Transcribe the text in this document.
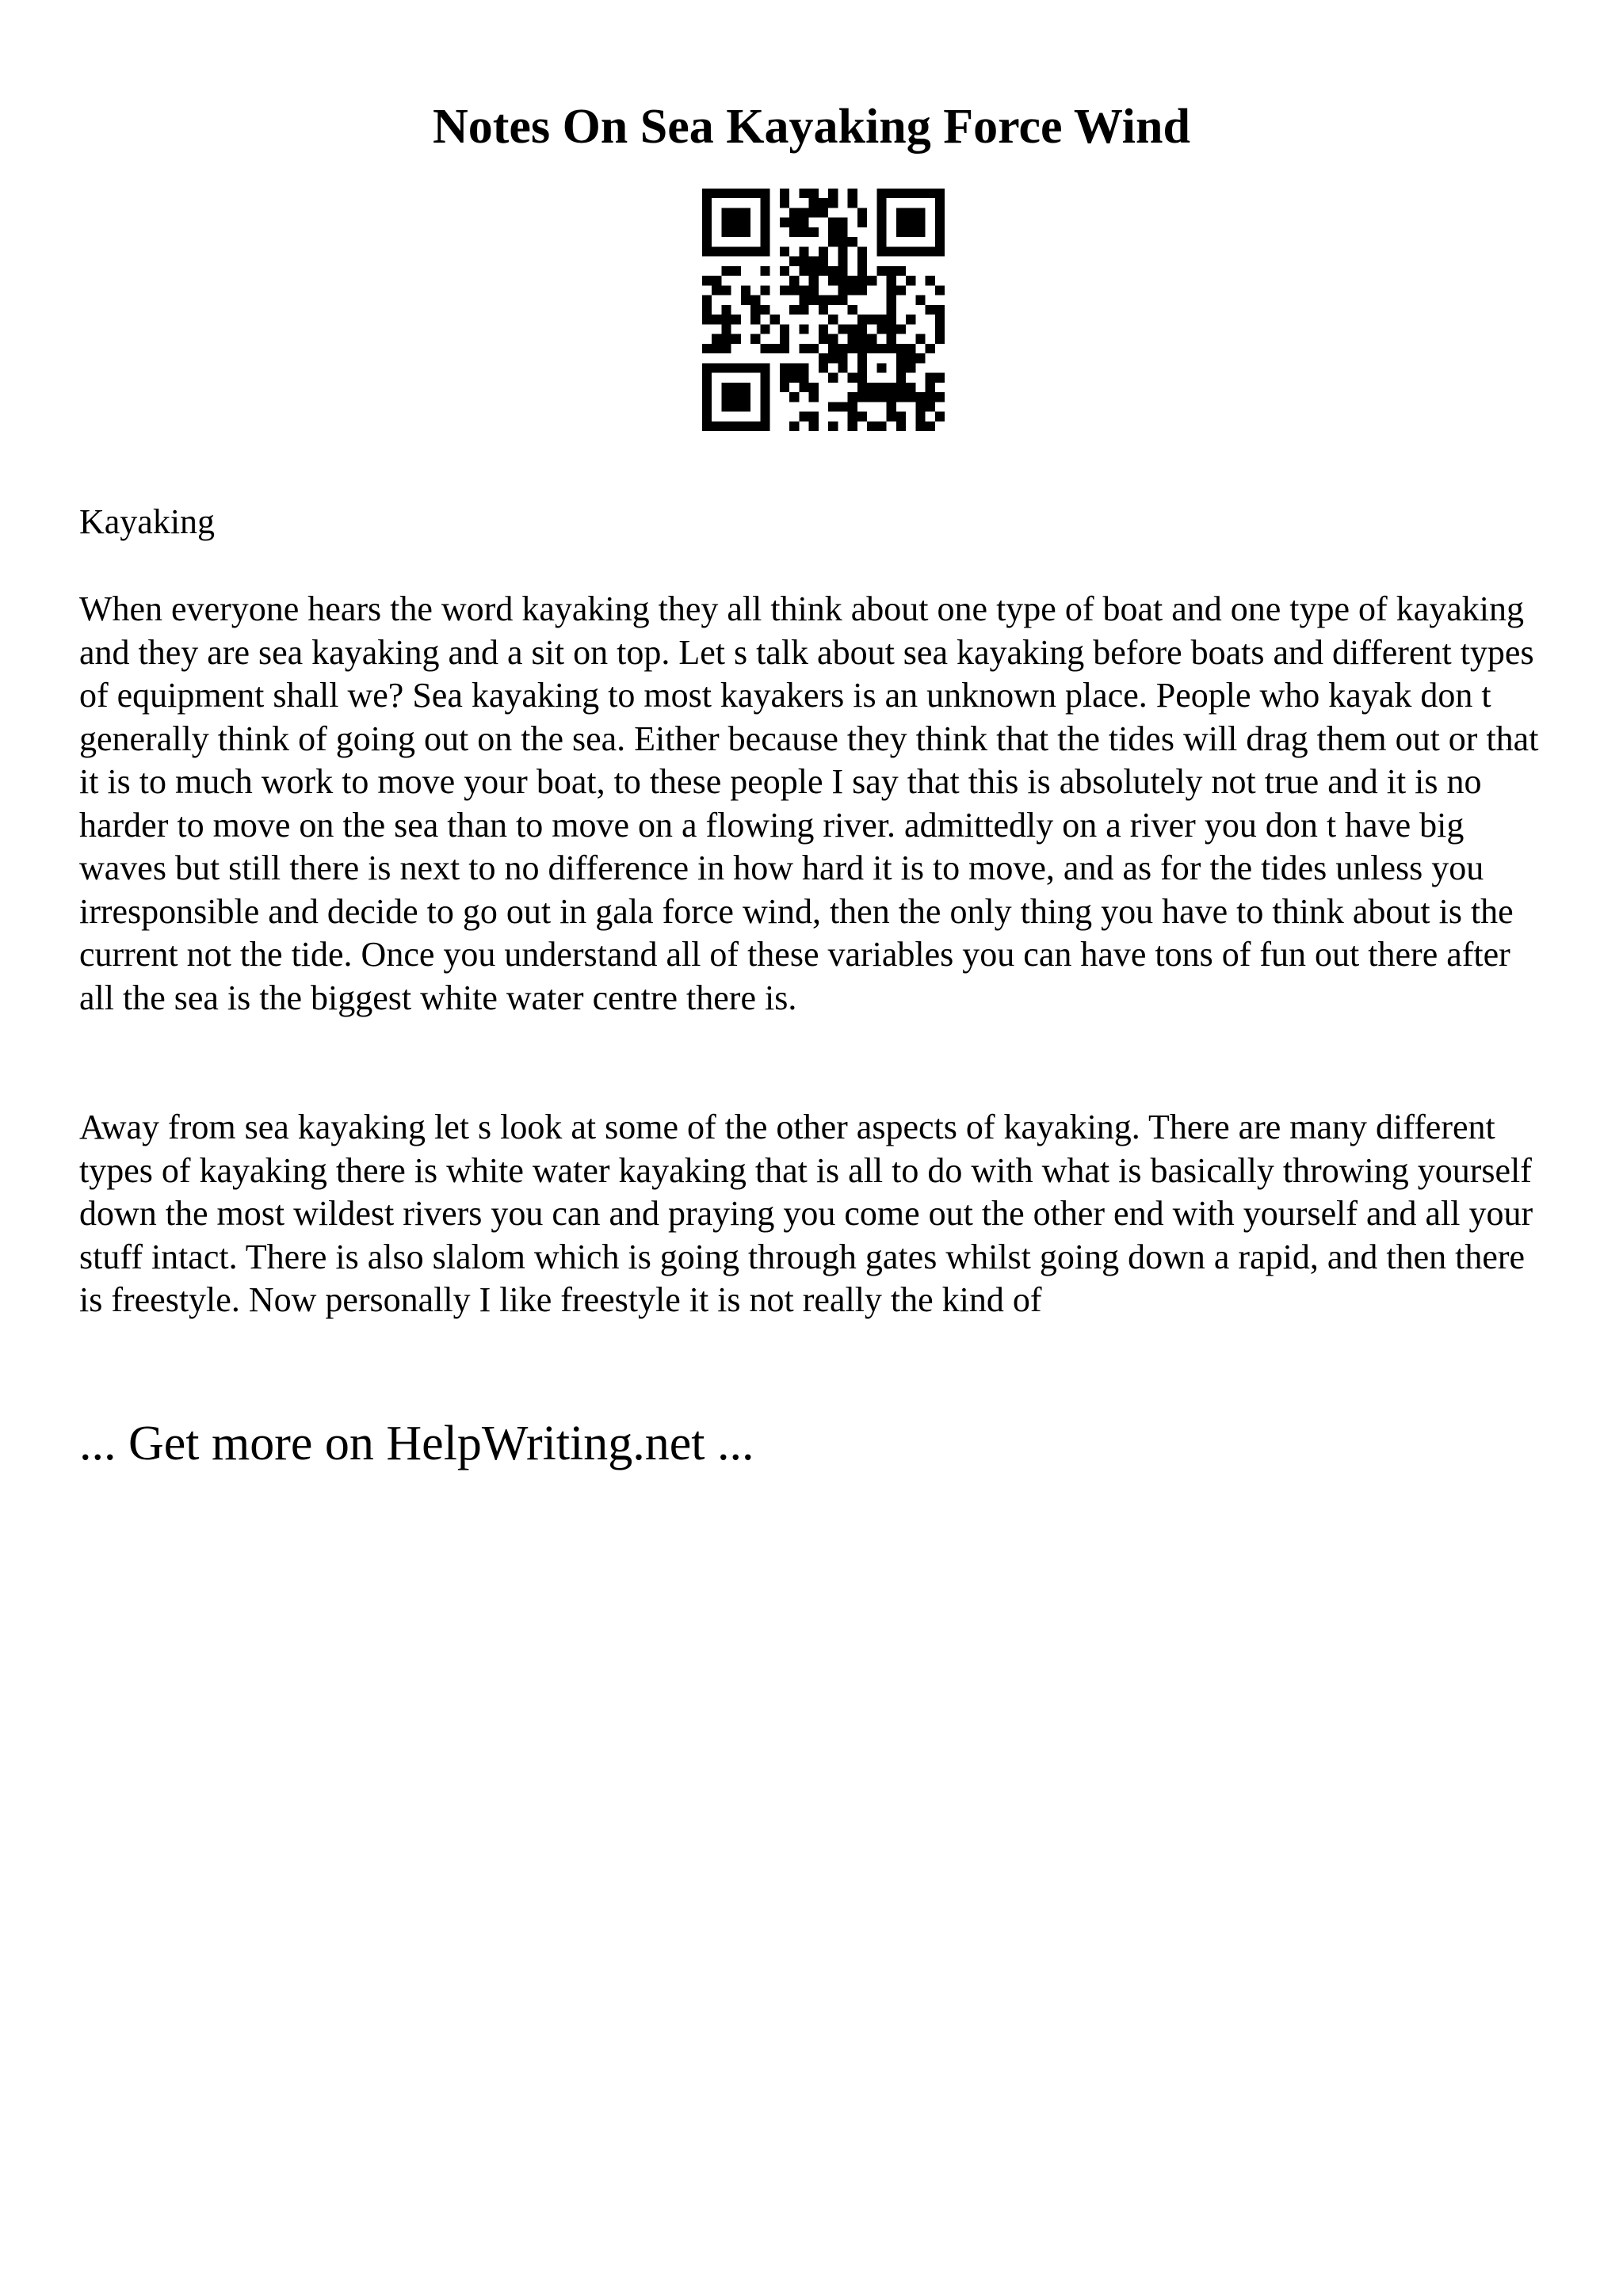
Notes On Sea Kayaking Force Wind

Kayaking

When everyone hears the word kayaking they all think about one type of boat and one type of kayaking and they are sea kayaking and a sit on top. Let s talk about sea kayaking before boats and different types of equipment shall we? Sea kayaking to most kayakers is an unknown place. People who kayak don t generally think of going out on the sea. Either because they think that the tides will drag them out or that it is to much work to move your boat, to these people I say that this is absolutely not true and it is no harder to move on the sea than to move on a flowing river. admittedly on a river you don t have big waves but still there is next to no difference in how hard it is to move, and as for the tides unless you irresponsible and decide to go out in gala force wind, then the only thing you have to think about is the current not the tide. Once you understand all of these variables you can have tons of fun out there after all the sea is the biggest white water centre there is.

Away from sea kayaking let s look at some of the other aspects of kayaking. There are many different types of kayaking there is white water kayaking that is all to do with what is basically throwing yourself down the most wildest rivers you can and praying you come out the other end with yourself and all your stuff intact. There is also slalom which is going through gates whilst going down a rapid, and then there is freestyle. Now personally I like freestyle it is not really the kind of

... Get more on HelpWriting.net ...
